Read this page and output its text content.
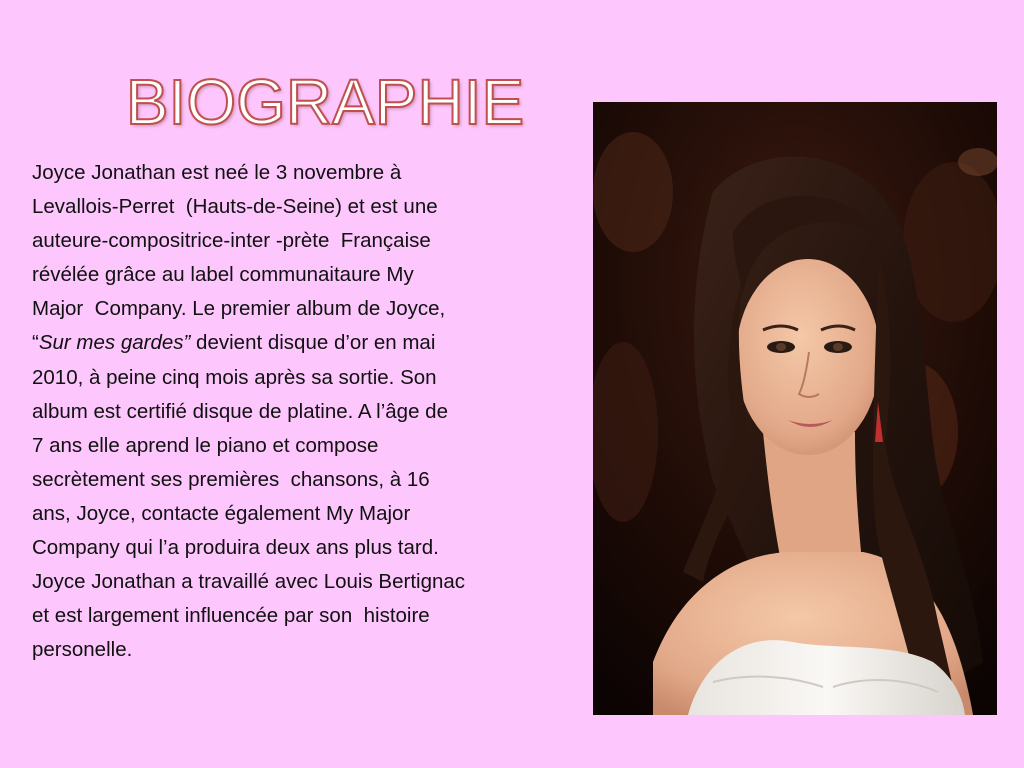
BIOGRAPHIE

Joyce Jonathan est neé le 3 novembre à
Levallois-Perret  (Hauts-de-Seine) et est une
auteure-compositrice-inter -prète  Française
révélée grâce au label communaitaure My
Major  Company. Le premier album de Joyce,
“Sur mes gardes” devient disque d’or en mai
2010, à peine cinq mois après sa sortie. Son
album est certifié disque de platine. A l’âge de
7 ans elle aprend le piano et compose
secrètement ses premières  chansons, à 16
ans, Joyce, contacte également My Major
Company qui l’a produira deux ans plus tard.
Joyce Jonathan a travaillé avec Louis Bertignac
et est largement influencée par son  histoire
personelle.
